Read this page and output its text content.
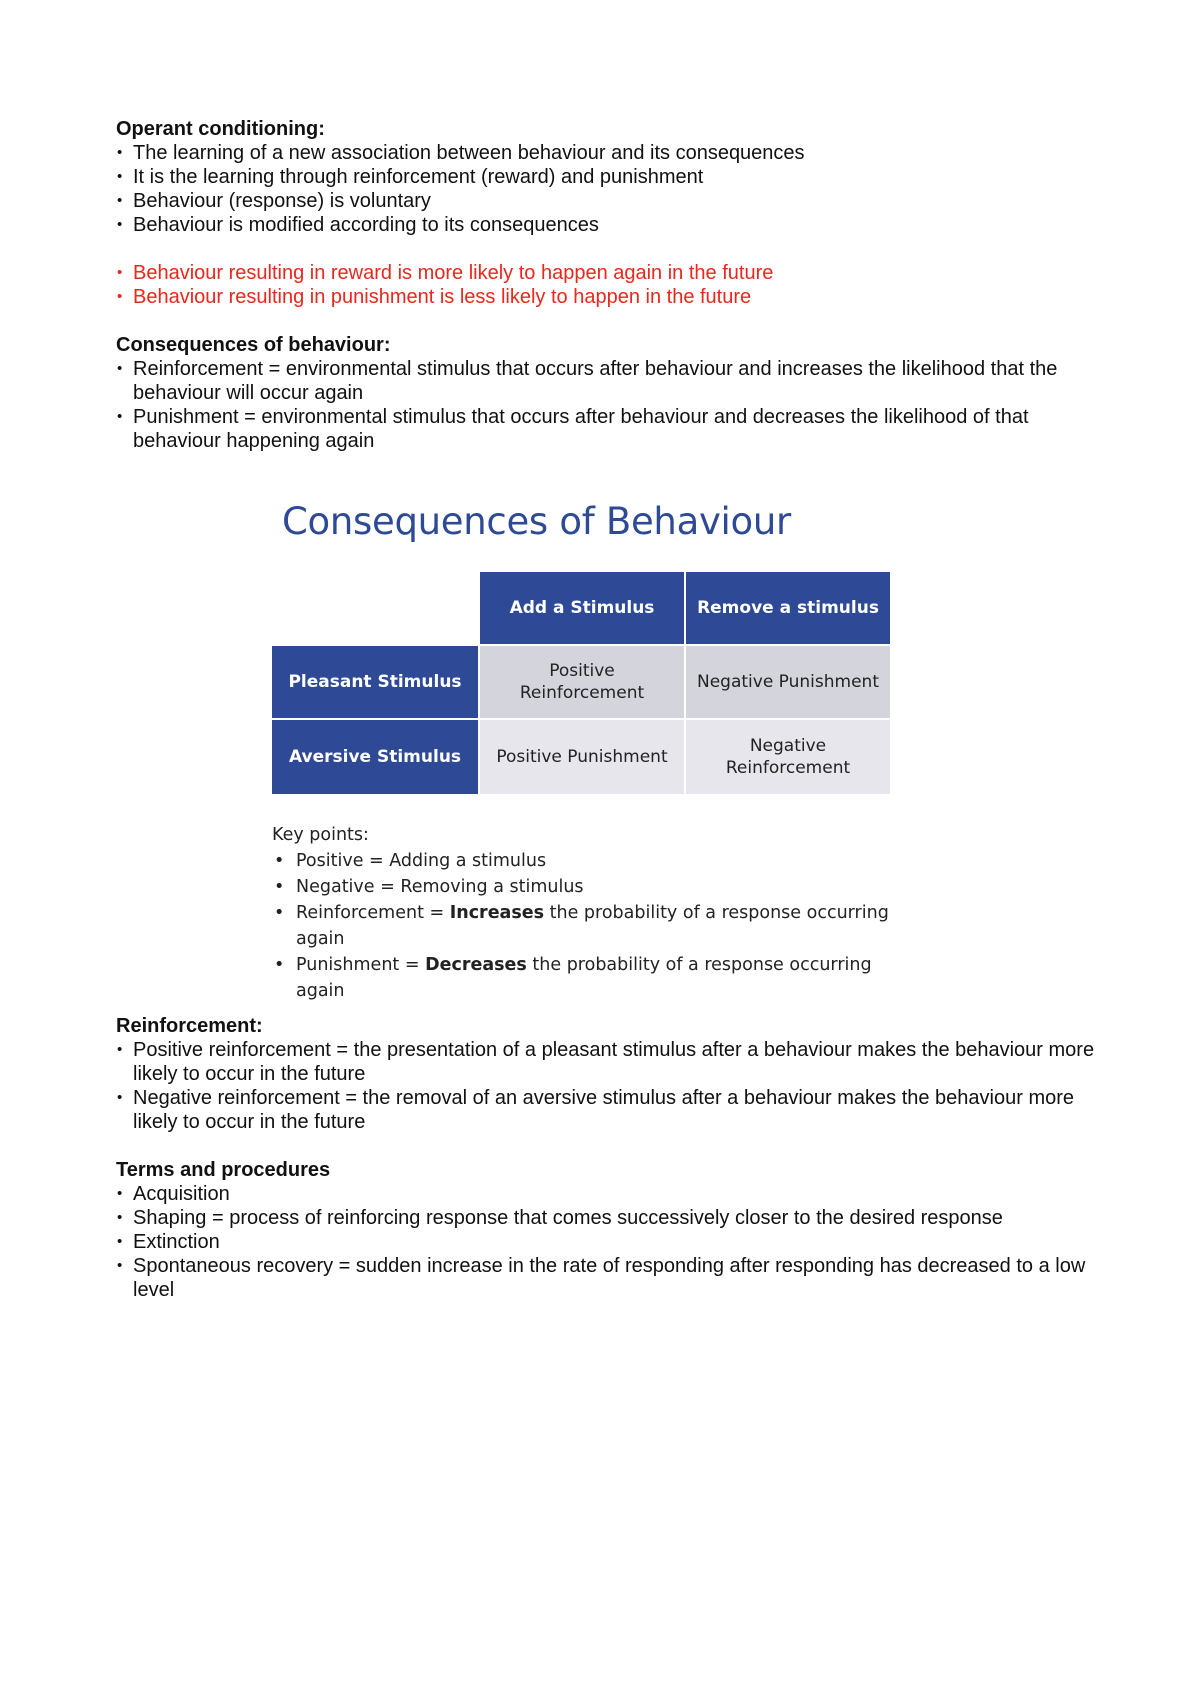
Operant conditioning:

• The learning of a new association between behaviour and its consequences
• It is the learning through reinforcement (reward) and punishment
• Behaviour (response) is voluntary
• Behaviour is modified according to its consequences
• Behaviour resulting in reward is more likely to happen again in the future
• Behaviour resulting in punishment is less likely to happen in the future

Consequences of behaviour:

• Reinforcement = environmental stimulus that occurs after behaviour and increases the likelihood that the behaviour will occur again
• Punishment = environmental stimulus that occurs after behaviour and decreases the likelihood of that behaviour happening again
Consequences of Behaviour
Add a Stimulus	Remove a stimulus
Pleasant Stimulus
Positive Reinforcement
Negative Punishment
Aversive Stimulus	Positive Punishment
Negative Reinforcement
Key points:
• Positive = Adding a stimulus
• Negative = Removing a stimulus
• Reinforcement = Increases the probability of a response occurring again
• Punishment = Decreases the probability of a response occurring again

Reinforcement:

• Positive reinforcement = the presentation of a pleasant stimulus after a behaviour makes the behaviour more likely to occur in the future
• Negative reinforcement = the removal of an aversive stimulus after a behaviour makes the behaviour more likely to occur in the future

Terms and procedures

• Acquisition
• Shaping = process of reinforcing response that comes successively closer to the desired response
• Extinction
• Spontaneous recovery = sudden increase in the rate of responding after responding has decreased to a low level
